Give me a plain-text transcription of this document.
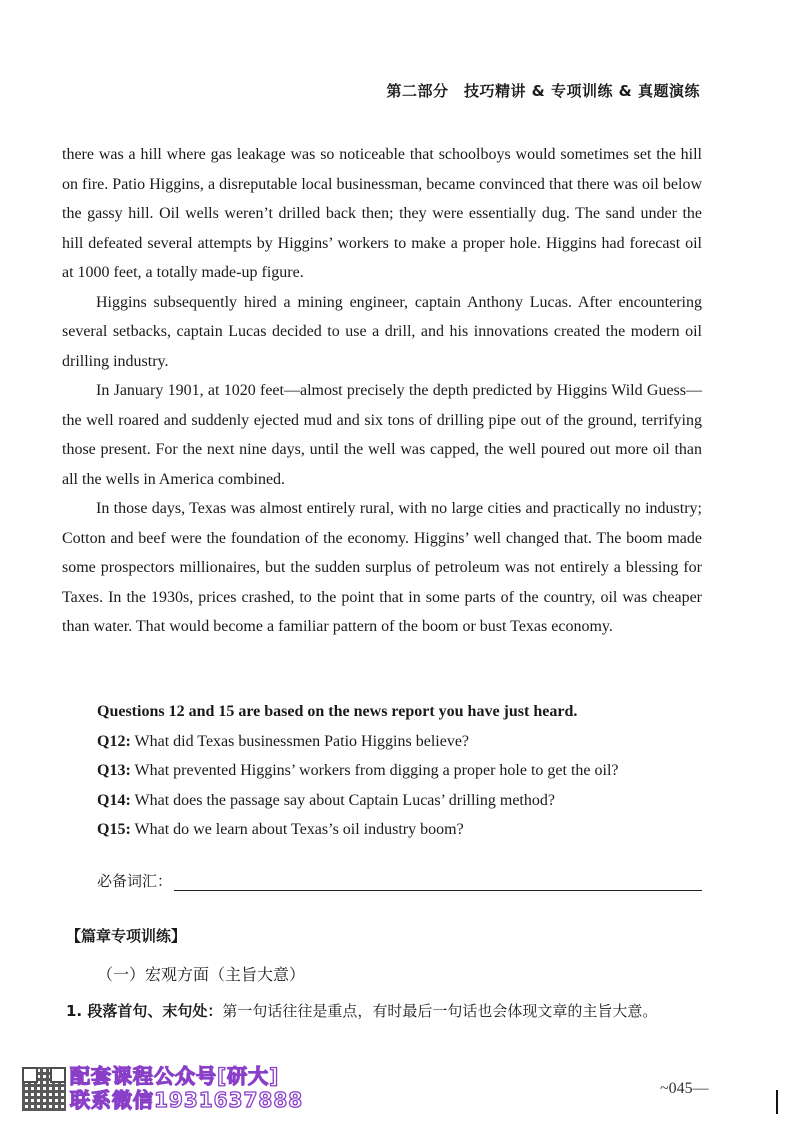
第二部分　技巧精讲 & 专项训练 & 真题演练

there was a hill where gas leakage was so noticeable that schoolboys would sometimes set the hill on fire. Patio Higgins, a disreputable local businessman, became convinced that there was oil below the gassy hill. Oil wells weren’t drilled back then; they were essentially dug. The sand under the hill defeated several attempts by Higgins’ workers to make a proper hole. Higgins had forecast oil at 1000 feet, a totally made-up figure.

Higgins subsequently hired a mining engineer, captain Anthony Lucas. After encountering several setbacks, captain Lucas decided to use a drill, and his innovations created the modern oil drilling industry.

In January 1901, at 1020 feet—almost precisely the depth predicted by Higgins Wild Guess—the well roared and suddenly ejected mud and six tons of drilling pipe out of the ground, terrifying those present. For the next nine days, until the well was capped, the well poured out more oil than all the wells in America combined.

In those days, Texas was almost entirely rural, with no large cities and practically no industry; Cotton and beef were the foundation of the economy. Higgins’ well changed that. The boom made some prospectors millionaires, but the sudden surplus of petroleum was not entirely a blessing for Taxes. In the 1930s, prices crashed, to the point that in some parts of the country, oil was cheaper than water. That would become a familiar pattern of the boom or bust Texas economy.

Questions 12 and 15 are based on the news report you have just heard.
Q12: What did Texas businessmen Patio Higgins believe?
Q13: What prevented Higgins’ workers from digging a proper hole to get the oil?
Q14: What does the passage say about Captain Lucas’ drilling method?
Q15: What do we learn about Texas’s oil industry boom?
必备词汇：
【篇章专项训练】
（一）宏观方面（主旨大意）
1. 段落首句、末句处：第一句话往往是重点，有时最后一句话也会体现文章的主旨大意。
配套课程公众号[研大]
联系微信1931637888	~045—
